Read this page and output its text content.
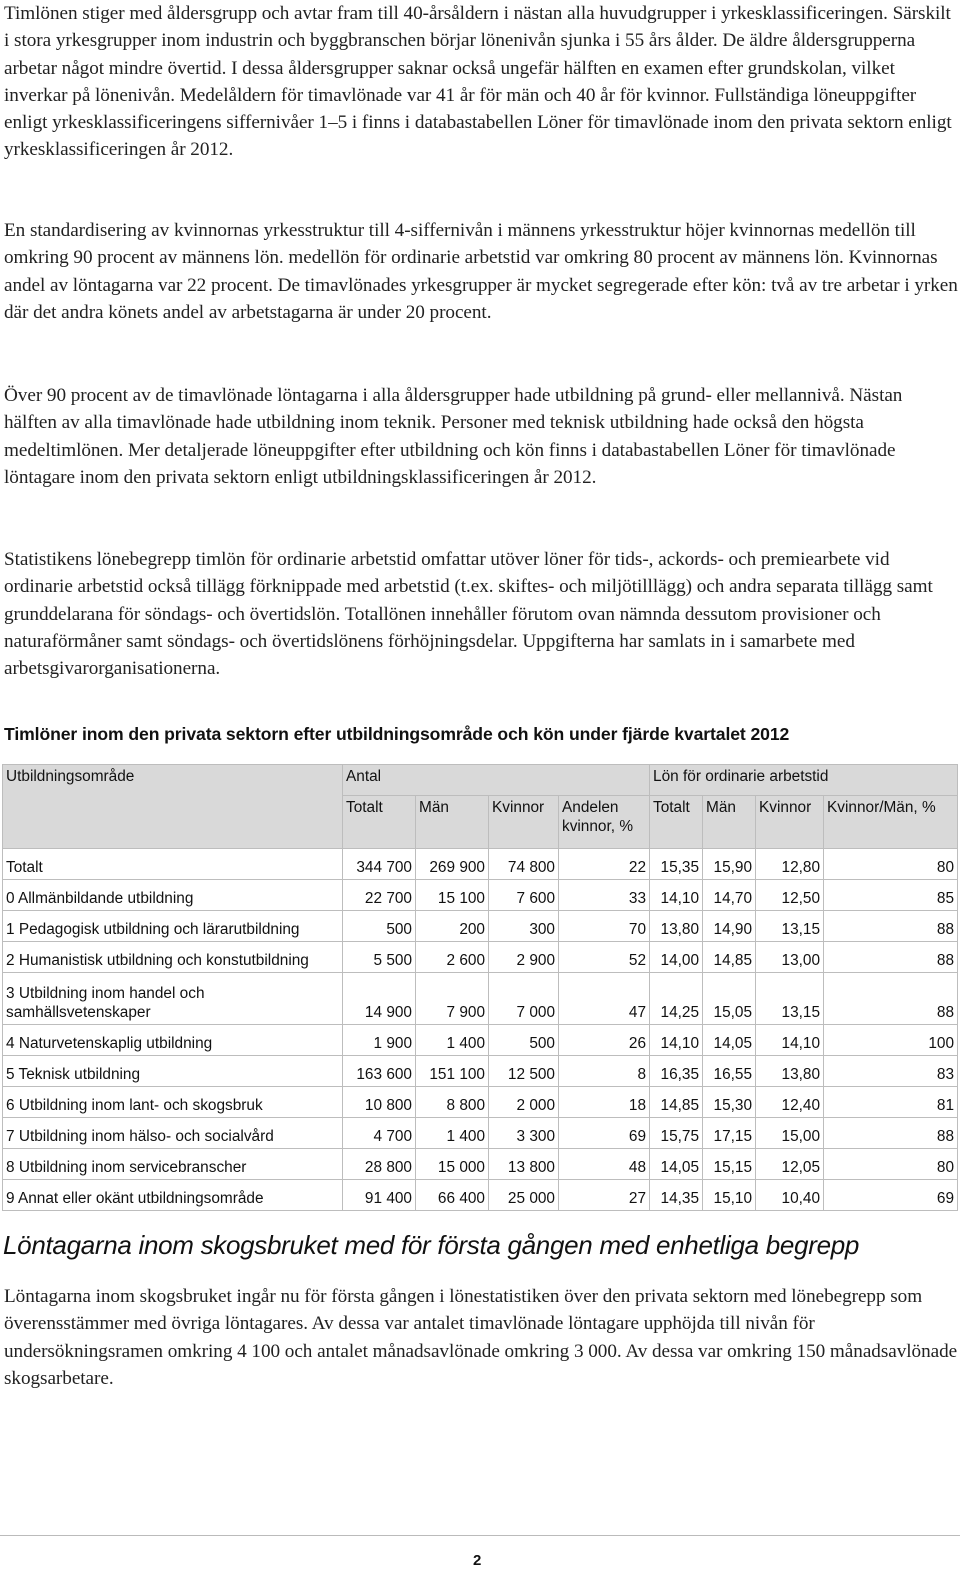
Timlönen stiger med åldersgrupp och avtar fram till 40-årsåldern i nästan alla huvudgrupper i yrkesklassificeringen. Särskilt i stora yrkesgrupper inom industrin och byggbranschen börjar lönenivån sjunka i 55 års ålder. De äldre åldersgrupperna arbetar något mindre övertid. I dessa åldersgrupper saknar också ungefär hälften en examen efter grundskolan, vilket inverkar på lönenivån. Medelåldern för timavlönade var 41 år för män och 40 år för kvinnor. Fullständiga löneuppgifter enligt yrkesklassificeringens siffernivåer 1–5 i finns i databastabellen Löner för timavlönade inom den privata sektorn enligt yrkesklassificeringen år 2012.

En standardisering av kvinnornas yrkesstruktur till 4-siffernivån i männens yrkesstruktur höjer kvinnornas medellön till omkring 90 procent av männens lön. medellön för ordinarie arbetstid var omkring 80 procent av männens lön. Kvinnornas andel av löntagarna var 22 procent. De timavlönades yrkesgrupper är mycket segregerade efter kön: två av tre arbetar i yrken där det andra könets andel av arbetstagarna är under 20 procent.

Över 90 procent av de timavlönade löntagarna i alla åldersgrupper hade utbildning på grund- eller mellannivå. Nästan hälften av alla timavlönade hade utbildning inom teknik. Personer med teknisk utbildning hade också den högsta medeltimlönen. Mer detaljerade löneuppgifter efter utbildning och kön finns i databastabellen Löner för timavlönade löntagare inom den privata sektorn enligt utbildningsklassificeringen år 2012.

Statistikens lönebegrepp timlön för ordinarie arbetstid omfattar utöver löner för tids-, ackords- och premiearbete vid ordinarie arbetstid också tillägg förknippade med arbetstid (t.ex. skiftes- och miljötilllägg) och andra separata tillägg samt grunddelarana för söndags- och övertidslön. Totallönen innehåller förutom ovan nämnda dessutom provisioner och naturaförmåner samt söndags- och övertidslönens förhöjningsdelar. Uppgifterna har samlats in i samarbete med arbetsgivarorganisationerna.

Timlöner inom den privata sektorn efter utbildningsområde och kön under fjärde kvartalet 2012
Utbildningsområde	Antal				Lön för ordinarie arbetstid			
	Totalt	Män	Kvinnor	Andelen kvinnor, %	Totalt	Män	Kvinnor	Kvinnor/Män, %
Totalt	344 700	269 900	74 800	22	15,35	15,90	12,80	80
0 Allmänbildande utbildning	22 700	15 100	7 600	33	14,10	14,70	12,50	85
1 Pedagogisk utbildning och lärarutbildning	500	200	300	70	13,80	14,90	13,15	88
2 Humanistisk utbildning och konstutbildning	5 500	2 600	2 900	52	14,00	14,85	13,00	88
3 Utbildning inom handel och samhällsvetenskaper	14 900	7 900	7 000	47	14,25	15,05	13,15	88
4 Naturvetenskaplig utbildning	1 900	1 400	500	26	14,10	14,05	14,10	100
5 Teknisk utbildning	163 600	151 100	12 500	8	16,35	16,55	13,80	83
6 Utbildning inom lant- och skogsbruk	10 800	8 800	2 000	18	14,85	15,30	12,40	81
7 Utbildning inom hälso- och socialvård	4 700	1 400	3 300	69	15,75	17,15	15,00	88
8 Utbildning inom servicebranscher	28 800	15 000	13 800	48	14,05	15,15	12,05	80
9 Annat eller okänt utbildningsområde	91 400	66 400	25 000	27	14,35	15,10	10,40	69
Löntagarna inom skogsbruket med för första gången med enhetliga begrepp

Löntagarna inom skogsbruket ingår nu för första gången i lönestatistiken över den privata sektorn med lönebegrepp som överensstämmer med övriga löntagares. Av dessa var antalet timavlönade löntagare upphöjda till nivån för undersökningsramen omkring 4 100 och antalet månadsavlönade omkring 3 000. Av dessa var omkring 150 månadsavlönade skogsarbetare.

2
